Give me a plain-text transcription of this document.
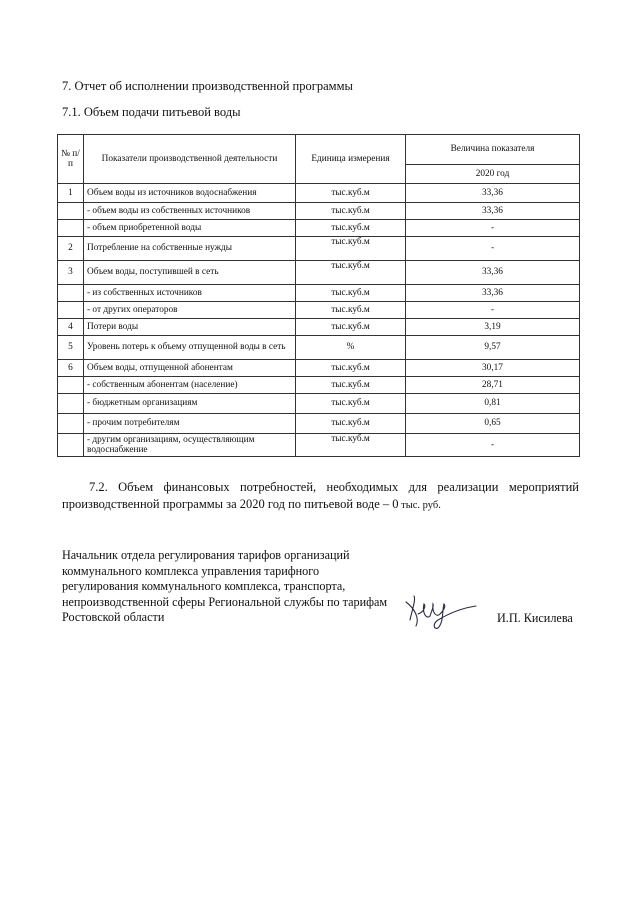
7. Отчет об исполнении производственной программы
7.1. Объем подачи питьевой воды
№ п/п	Показатели производственной деятельности	Единица измерения	Величина показателя
			2020 год
1	Объем воды из источников водоснабжения	тыс.куб.м	33,36
	- объем воды из собственных источников	тыс.куб.м	33,36
	- объем приобретенной воды	тыс.куб.м	-
2	Потребление на собственные нужды	тыс.куб.м	-
3	Объем воды, поступившей в сеть	тыс.куб.м	33,36
	- из собственных источников	тыс.куб.м	33,36
	- от других операторов	тыс.куб.м	-
4	Потери воды	тыс.куб.м	3,19
5	Уровень потерь к объему отпущенной воды в сеть	%	9,57
6	Объем воды, отпущенной абонентам	тыс.куб.м	30,17
	- собственным абонентам (население)	тыс.куб.м	28,71
	- бюджетным организациям	тыс.куб.м	0,81
	- прочим потребителям	тыс.куб.м	0,65
	- другим организациям, осуществляющим водоснабжение	тыс.куб.м	-
7.2. Объем финансовых потребностей, необходимых для реализации мероприятий производственной программы за 2020 год по питьевой воде – 0 тыс. руб.
Начальник отдела регулирования тарифов организаций коммунального комплекса управления тарифного регулирования коммунального комплекса, транспорта, непроизводственной сферы Региональной службы по тарифам Ростовской области	И.П. Кисилева
